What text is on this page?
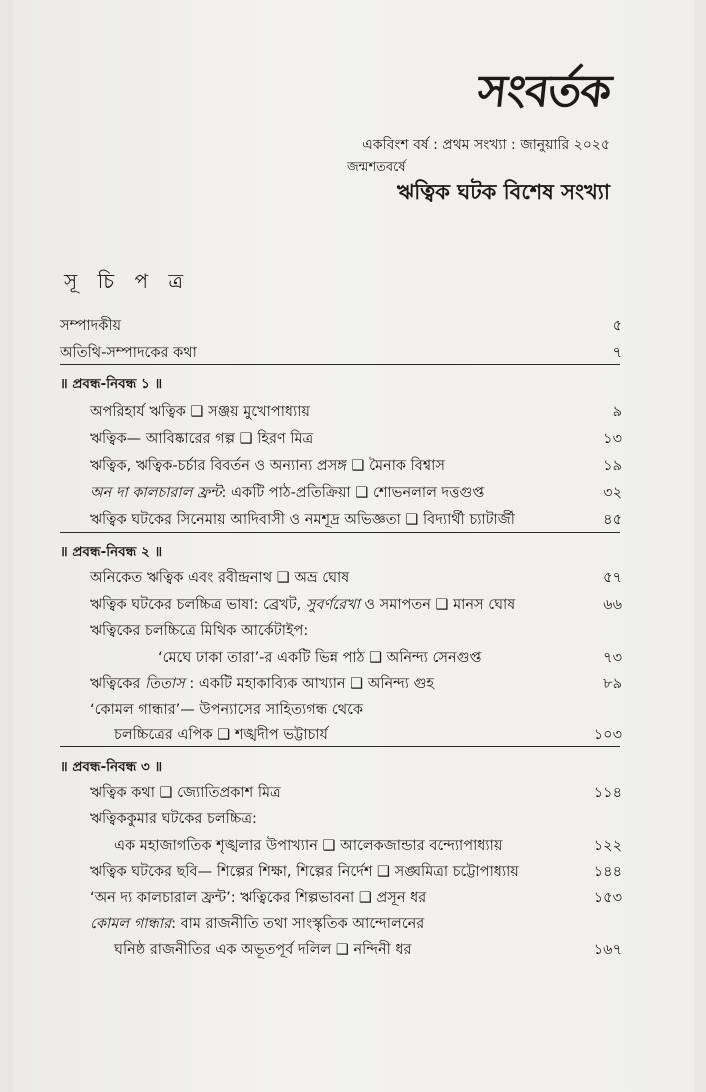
সংবর্তক
একবিংশ বর্ষ : প্রথম সংখ্যা : জানুয়ারি ২০২৫
জন্মশতবর্ষে
ঋত্বিক ঘটক বিশেষ সংখ্যা
সূ চি প ত্র
সম্পাদকীয়	৫
অতিথি-সম্পাদকের কথা	৭
॥ প্রবন্ধ-নিবন্ধ ১ ॥
অপরিহার্য ঋত্বিক ❑ সঞ্জয় মুখোপাধ্যায়	৯
ঋত্বিক— আবিষ্কারের গল্প ❑ হিরণ মিত্র	১৩
ঋত্বিক, ঋত্বিক-চর্চার বিবর্তন ও অন্যান্য প্রসঙ্গ ❑ মৈনাক বিশ্বাস	১৯
অন দা কালচারাল ফ্রন্ট: একটি পাঠ-প্রতিক্রিয়া ❑ শোভনলাল দত্তগুপ্ত	৩২
ঋত্বিক ঘটকের সিনেমায় আদিবাসী ও নমশূদ্র অভিজ্ঞতা ❑ বিদ্যার্থী চ্যাটার্জী	৪৫
॥ প্রবন্ধ-নিবন্ধ ২ ॥
অনিকেত ঋত্বিক এবং রবীন্দ্রনাথ ❑ অভ্র ঘোষ	৫৭
ঋত্বিক ঘটকের চলচ্চিত্র ভাষা: ব্রেখট, সুবর্ণরেখা ও সমাপতন ❑ মানস ঘোষ	৬৬
ঋত্বিকের চলচ্চিত্রে মিথিক আর্কেটাইপ:
‘মেঘে ঢাকা তারা’-র একটি ভিন্ন পাঠ ❑ অনিন্দ্য সেনগুপ্ত	৭৩
ঋত্বিকের তিতাস : একটি মহাকাব্যিক আখ্যান ❑ অনিন্দ্য গুহ	৮৯
‘কোমল গান্ধার’— উপন্যাসের সাহিত্যগন্ধ থেকে
চলচ্চিত্রের এপিক ❑ শঙ্খদীপ ভট্টাচার্য	১০৩
॥ প্রবন্ধ-নিবন্ধ ৩ ॥
ঋত্বিক কথা ❑ জ্যোতিপ্রকাশ মিত্র	১১৪
ঋত্বিককুমার ঘটকের চলচ্চিত্র:
এক মহাজাগতিক শৃঙ্খলার উপাখ্যান ❑ আলেকজান্ডার বন্দ্যোপাধ্যায়	১২২
ঋত্বিক ঘটকের ছবি— শিল্পের শিক্ষা, শিল্পের নির্দেশ ❑ সঙ্ঘমিত্রা চট্টোপাধ্যায়	১৪৪
‘অন দ্য কালচারাল ফ্রন্ট’: ঋত্বিকের শিল্পভাবনা ❑ প্রসূন ধর	১৫৩
কোমল গান্ধার: বাম রাজনীতি তথা সাংস্কৃতিক আন্দোলনের
ঘনিষ্ঠ রাজনীতির এক অভূতপূর্ব দলিল ❑ নন্দিনী ধর	১৬৭
